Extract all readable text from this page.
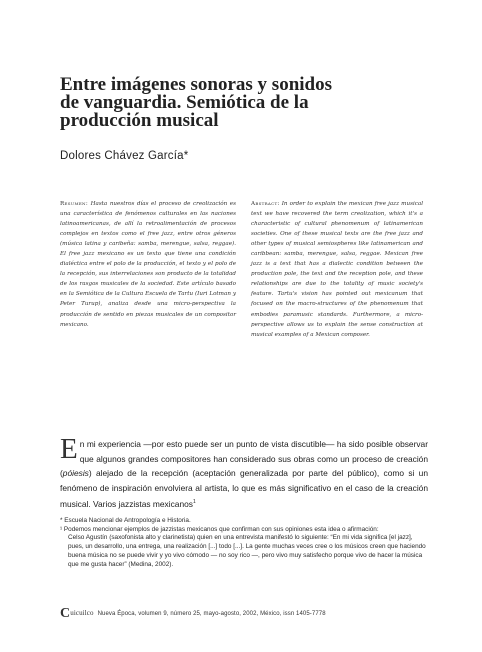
Entre imágenes sonoras y sonidos
de vanguardia. Semiótica de la
producción musical
Dolores Chávez García*
Resumen: Hasta nuestros días el proceso de creolización es una característica de fenómenos culturales en las naciones latinoamericanas, de allí la retroalimentación de procesos complejos en textos como el free jazz, entre otros géneros (música latina y caribeña: samba, merengue, salsa, reggae). El free jazz mexicano es un texto que tiene una condición dialéctica entre el polo de la producción, el texto y el polo de la recepción, sus interrelaciones son producto de la totalidad de los rasgos musicales de la sociedad. Este artículo basado en la Semiótica de la Cultura Escuela de Tartu (Iuri Lotman y Peter Turup), analiza desde una micro-perspectiva la producción de sentido en piezas musicales de un compositor mexicano.
Abstract: In order to explain the mexican free jazz musical text we have recovered the term creolization, which it's a characteristic of cultural phenomenum of latinamerican societies. One of these musical texts are the free jazz and other types of musical semiospheres like latinamerican and caribbean: samba, merengue, salsa, reggae. Mexican free jazz is a text that has a dialectic condition between the production pole, the text and the reception pole, and these relationships are due to the totality of music society's feature. Tartu's vision has pointed out mexicanum that focused on the macro-structures of the phenomenum that embodies paramusic standards. Furthermore, a micro-perspective allows us to explain the sense construction at musical examples of a Mexican composer.
En mi experiencia —por esto puede ser un punto de vista discutible— ha sido posible observar que algunos grandes compositores han considerado sus obras como un proceso de creación (póiesis) alejado de la recepción (aceptación generalizada por parte del público), como si un fenómeno de inspiración envolviera al artista, lo que es más significativo en el caso de la creación musical. Varios jazzistas mexicanos$^1$
* Escuela Nacional de Antropología e Historia.
¹ Podemos mencionar ejemplos de jazzistas mexicanos que confirman con sus opiniones esta idea o afirmación:
Celso Agustín (saxofonista alto y clarinetista) quien en una entrevista manifestó lo siguiente: “En mi vida significa [el jazz], pues, un desarrollo, una entrega, una realización [...] todo [...]. La gente muchas veces cree o los músicos creen que haciendo buena música no se puede vivir y yo vivo cómodo — no soy rico —, pero vivo muy satisfecho porque vivo de hacer la música que me gusta hacer” (Medina, 2002).
Cuicuilco Nueva Época, volumen 9, número 25, mayo-agosto, 2002, México, issn 1405-7778
